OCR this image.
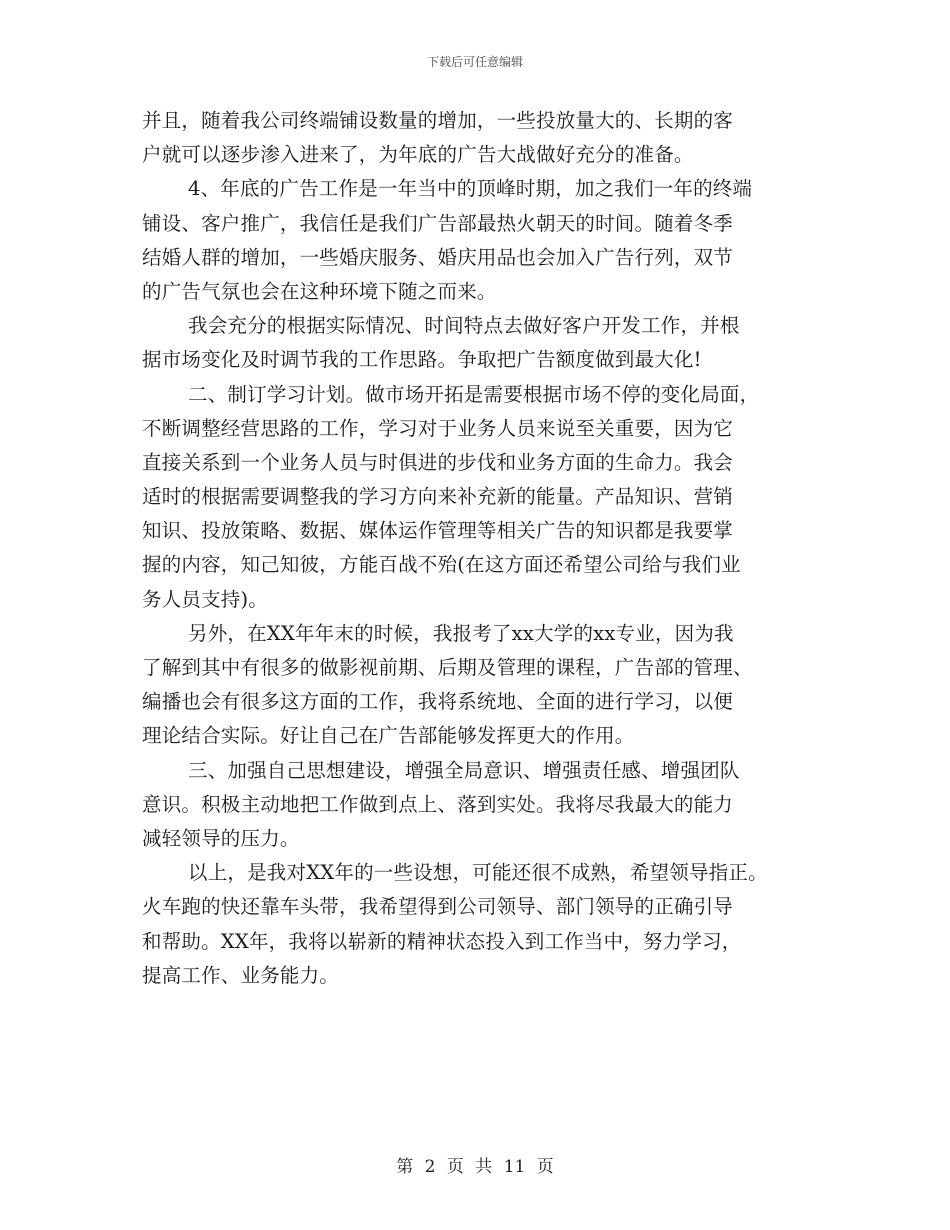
下载后可任意编辑
并且，随着我公司终端铺设数量的增加，一些投放量大的、长期的客
户就可以逐步渗入进来了，为年底的广告大战做好充分的准备。
4、年底的广告工作是一年当中的顶峰时期，加之我们一年的终端
铺设、客户推广，我信任是我们广告部最热火朝天的时间。随着冬季
结婚人群的增加，一些婚庆服务、婚庆用品也会加入广告行列，双节
的广告气氛也会在这种环境下随之而来。
我会充分的根据实际情况、时间特点去做好客户开发工作，并根
据市场变化及时调节我的工作思路。争取把广告额度做到最大化!
二、制订学习计划。做市场开拓是需要根据市场不停的变化局面，
不断调整经营思路的工作，学习对于业务人员来说至关重要，因为它
直接关系到一个业务人员与时俱进的步伐和业务方面的生命力。我会
适时的根据需要调整我的学习方向来补充新的能量。产品知识、营销
知识、投放策略、数据、媒体运作管理等相关广告的知识都是我要掌
握的内容，知己知彼，方能百战不殆(在这方面还希望公司给与我们业
务人员支持)。
另外，在XX年年末的时候，我报考了xx大学的xx专业，因为我
了解到其中有很多的做影视前期、后期及管理的课程，广告部的管理、
编播也会有很多这方面的工作，我将系统地、全面的进行学习，以便
理论结合实际。好让自己在广告部能够发挥更大的作用。
三、加强自己思想建设，增强全局意识、增强责任感、增强团队
意识。积极主动地把工作做到点上、落到实处。我将尽我最大的能力
减轻领导的压力。
以上，是我对XX年的一些设想，可能还很不成熟，希望领导指正。
火车跑的快还靠车头带，我希望得到公司领导、部门领导的正确引导
和帮助。XX年，我将以崭新的精神状态投入到工作当中，努力学习，
提高工作、业务能力。
第 2 页 共 11 页
